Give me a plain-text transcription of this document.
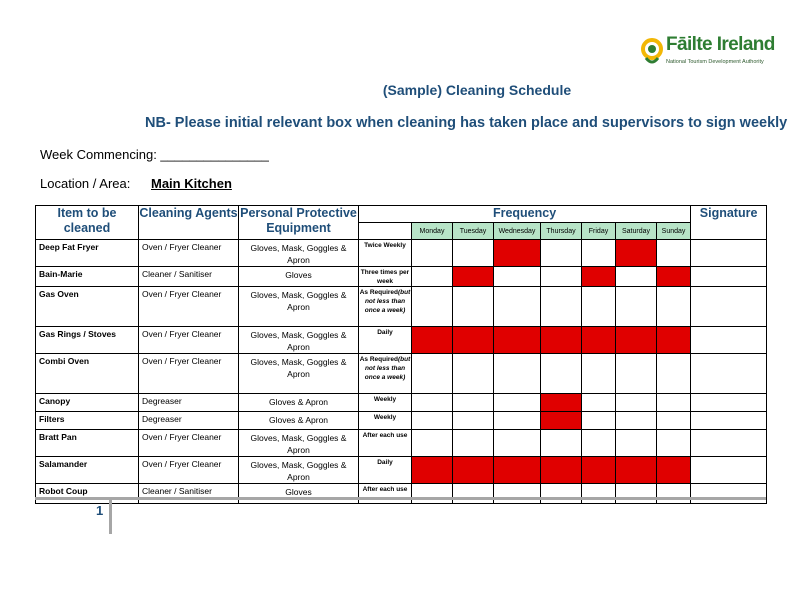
Fāilte Ireland
National Tourism Development Authority
(Sample) Cleaning Schedule
NB- Please initial relevant box when cleaning has taken place and supervisors to sign weekly
Week Commencing: _______________
Location / Area: Main Kitchen
Item to be cleaned	Cleaning Agents	Personal Protective Equipment	Frequency								Signature
				Monday	Tuesday	Wednesday	Thursday	Friday	Saturday	Sunday	
Deep Fat Fryer	Oven / Fryer Cleaner	Gloves, Mask, Goggles & Apron	Twice Weekly								
Bain-Marie	Cleaner / Sanitiser	Gloves	Three times per week								
Gas Oven	Oven / Fryer Cleaner	Gloves, Mask, Goggles & Apron	As Required(but not less than once a week)								
Gas Rings / Stoves	Oven / Fryer Cleaner	Gloves, Mask, Goggles & Apron	Daily								
Combi Oven	Oven / Fryer Cleaner	Gloves, Mask, Goggles & Apron	As Required(but not less than once a week)								
Canopy	Degreaser	Gloves & Apron	Weekly								
Filters	Degreaser	Gloves & Apron	Weekly								
Bratt Pan	Oven / Fryer Cleaner	Gloves, Mask, Goggles & Apron	After each use								
Salamander	Oven / Fryer Cleaner	Gloves, Mask, Goggles & Apron	Daily								
Robot Coup	Cleaner / Sanitiser	Gloves	After each use								
1
